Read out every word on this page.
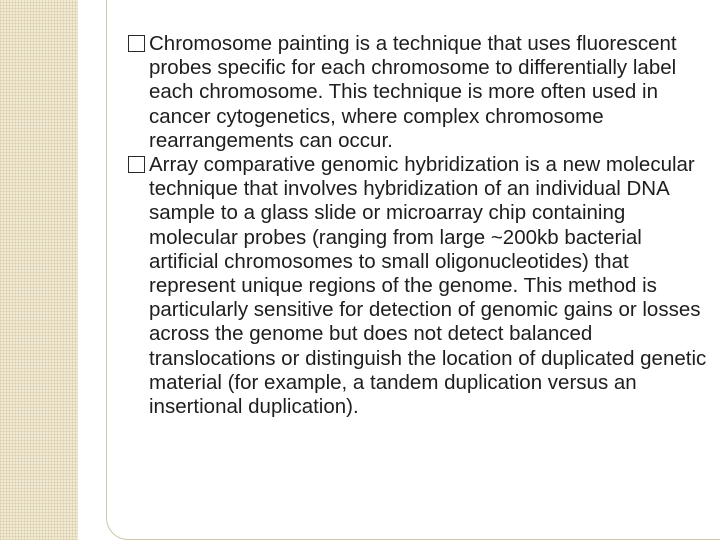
Chromosome painting is a technique that uses fluorescent probes specific for each chromosome to differentially label each chromosome. This technique is more often used in cancer cytogenetics, where complex chromosome rearrangements can occur.

Array comparative genomic hybridization is a new molecular technique that involves hybridization of an individual DNA sample to a glass slide or microarray chip containing molecular probes (ranging from large ~200kb bacterial artificial chromosomes to small oligonucleotides) that represent unique regions of the genome. This method is particularly sensitive for detection of genomic gains or losses across the genome but does not detect balanced translocations or distinguish the location of duplicated genetic material (for example, a tandem duplication versus an insertional duplication).
